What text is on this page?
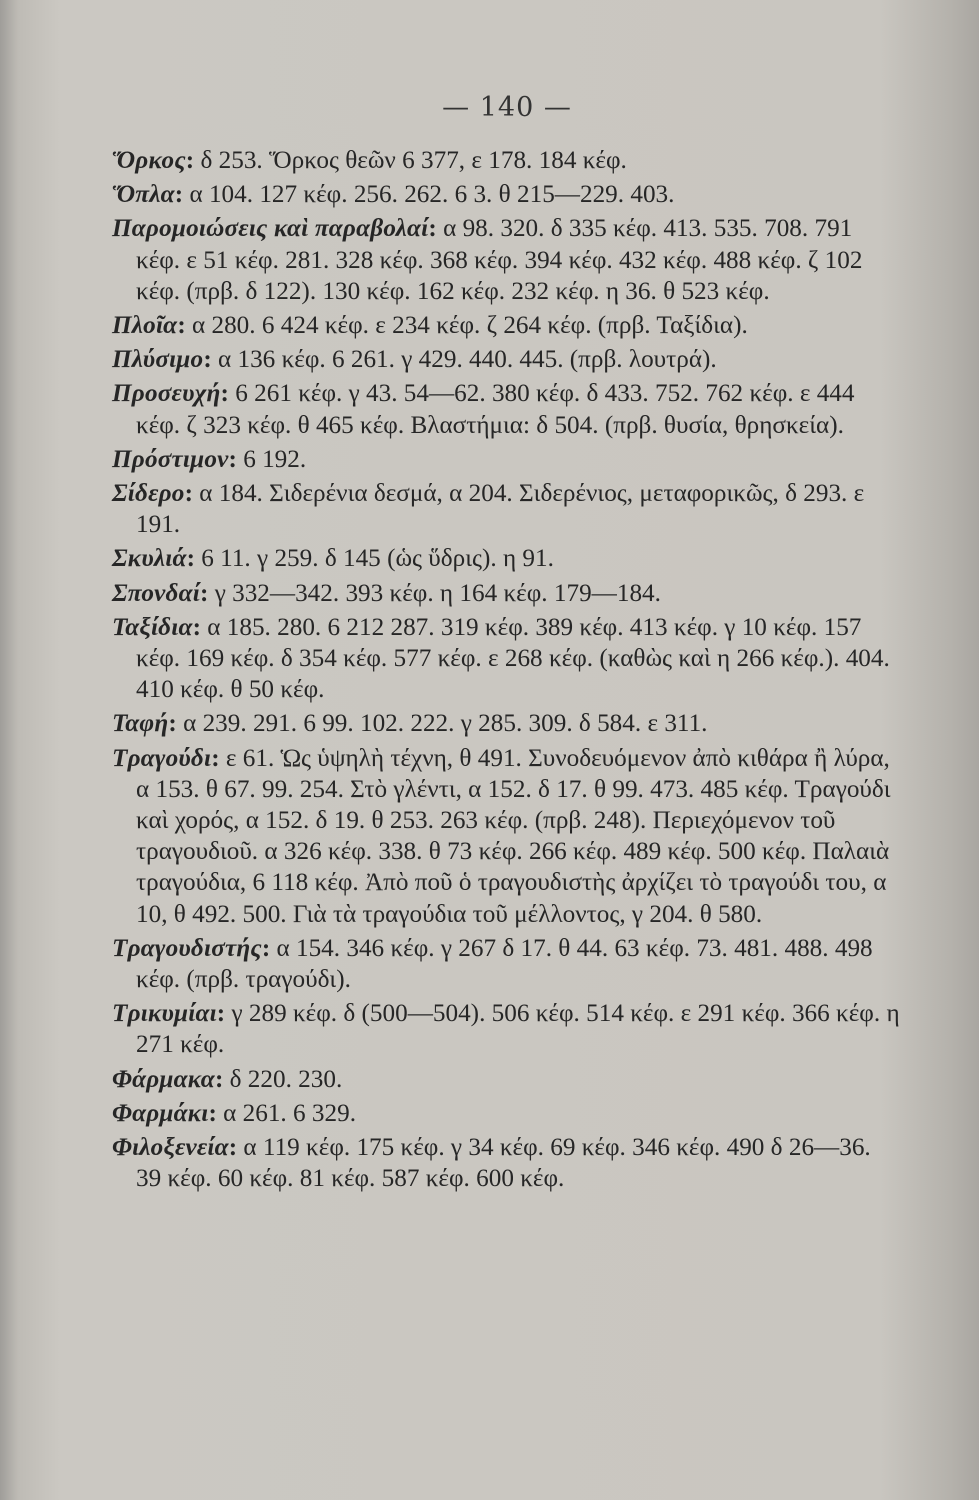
— 140 —

Ὅρκος: δ 253. Ὅρκος θεῶν 6 377, ε 178. 184 κέφ.

Ὅπλα: α 104. 127 κέφ. 256. 262. 6 3. θ 215—229. 403.

Παρομοιώσεις καὶ παραβολαί: α 98. 320. δ 335 κέφ. 413. 535. 708. 791 κέφ. ε 51 κέφ. 281. 328 κέφ. 368 κέφ. 394 κέφ. 432 κέφ. 488 κέφ. ζ 102 κέφ. (πρβ. δ 122). 130 κέφ. 162 κέφ. 232 κέφ. η 36. θ 523 κέφ.

Πλοῖα: α 280. 6 424 κέφ. ε 234 κέφ. ζ 264 κέφ. (πρβ. Ταξίδια).

Πλύσιμο: α 136 κέφ. 6 261. γ 429. 440. 445. (πρβ. λουτρά).

Προσευχή: 6 261 κέφ. γ 43. 54—62. 380 κέφ. δ 433. 752. 762 κέφ. ε 444 κέφ. ζ 323 κέφ. θ 465 κέφ. Βλαστήμια: δ 504. (πρβ. θυσία, θρησκεία).

Πρόστιμον: 6 192.

Σίδερο: α 184. Σιδερένια δεσμά, α 204. Σιδερένιος, μεταφορικῶς, δ 293. ε 191.

Σκυλιά: 6 11. γ 259. δ 145 (ὡς ὕδρις). η 91.

Σπονδαί: γ 332—342. 393 κέφ. η 164 κέφ. 179—184.

Ταξίδια: α 185. 280. 6 212 287. 319 κέφ. 389 κέφ. 413 κέφ. γ 10 κέφ. 157 κέφ. 169 κέφ. δ 354 κέφ. 577 κέφ. ε 268 κέφ. (καθὼς καὶ η 266 κέφ.). 404. 410 κέφ. θ 50 κέφ.

Ταφή: α 239. 291. 6 99. 102. 222. γ 285. 309. δ 584. ε 311.

Τραγούδι: ε 61. Ὡς ὑψηλὴ τέχνη, θ 491. Συνοδευόμενον ἀπὸ κιθάρα ἢ λύρα, α 153. θ 67. 99. 254. Στὸ γλέντι, α 152. δ 17. θ 99. 473. 485 κέφ. Τραγούδι καὶ χορός, α 152. δ 19. θ 253. 263 κέφ. (πρβ. 248). Περιεχόμενον τοῦ τραγουδιοῦ. α 326 κέφ. 338. θ 73 κέφ. 266 κέφ. 489 κέφ. 500 κέφ. Παλαιὰ τραγούδια, 6 118 κέφ. Ἀπὸ ποῦ ὁ τραγουδιστὴς ἀρχίζει τὸ τραγούδι του, α 10, θ 492. 500. Γιὰ τὰ τραγούδια τοῦ μέλλοντος, γ 204. θ 580.

Τραγουδιστής: α 154. 346 κέφ. γ 267 δ 17. θ 44. 63 κέφ. 73. 481. 488. 498 κέφ. (πρβ. τραγούδι).

Τρικυμίαι: γ 289 κέφ. δ (500—504). 506 κέφ. 514 κέφ. ε 291 κέφ. 366 κέφ. η 271 κέφ.

Φάρμακα: δ 220. 230.

Φαρμάκι: α 261. 6 329.

Φιλοξενεία: α 119 κέφ. 175 κέφ. γ 34 κέφ. 69 κέφ. 346 κέφ. 490 δ 26—36. 39 κέφ. 60 κέφ. 81 κέφ. 587 κέφ. 600 κέφ.
